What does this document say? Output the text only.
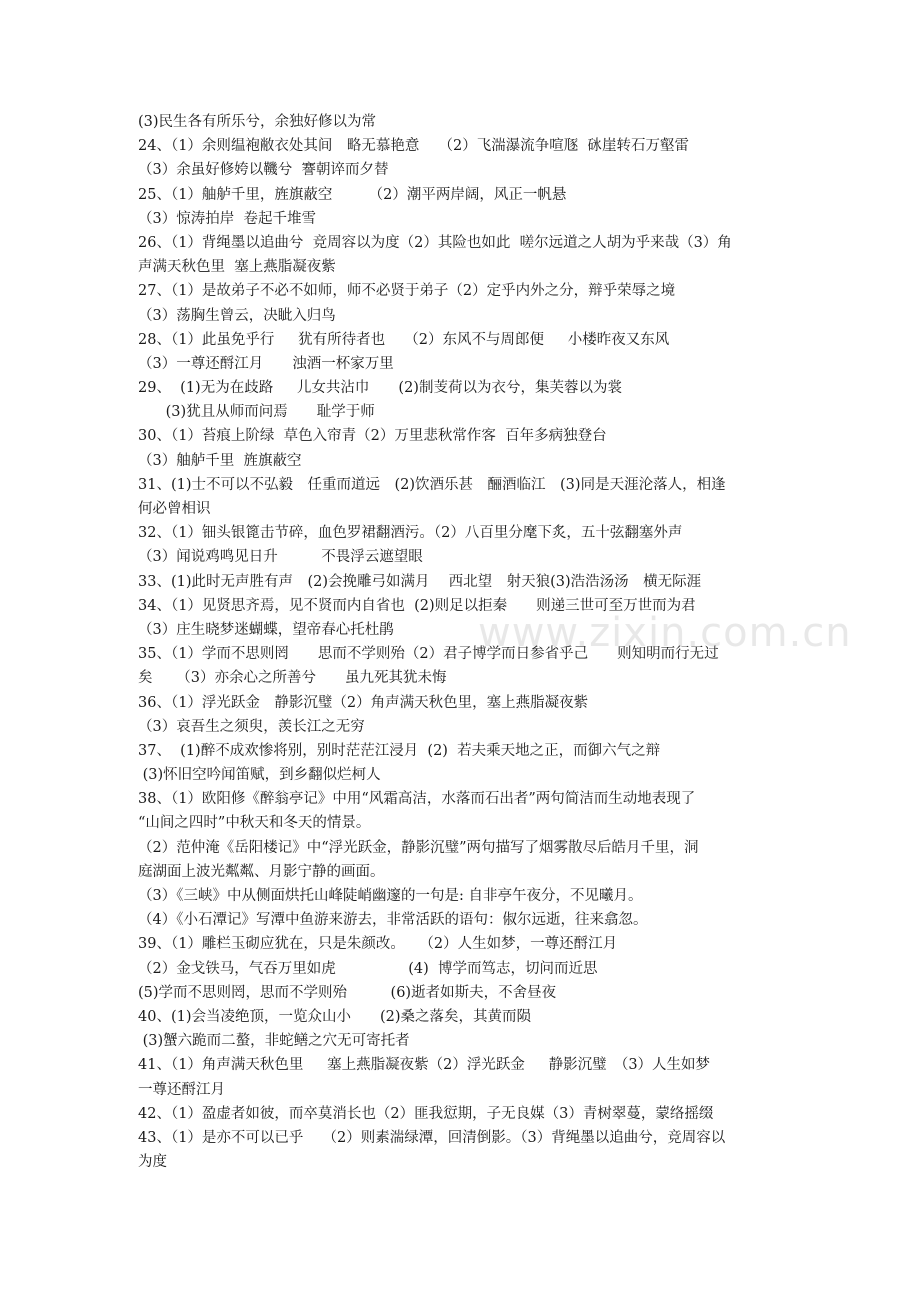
(3)民生各有所乐兮，余独好修以为常
24、（1）余则缊袍敝衣处其间　略无慕艳意　 （2）飞湍瀑流争喧豗  砯崖转石万壑雷
（3）余虽好修姱以鞿兮  謇朝谇而夕替
25、（1）舳舻千里，旌旗蔽空　　　（2）潮平两岸阔，风正一帆悬
（3）惊涛拍岸  卷起千堆雪
26、（1）背绳墨以追曲兮  竞周容以为度（2）其险也如此  嗟尔远道之人胡为乎来哉（3）角
声满天秋色里  塞上燕脂凝夜紫
27、（1）是故弟子不必不如师，师不必贤于弟子（2）定乎内外之分，辩乎荣辱之境
（3）荡胸生曾云，决眦入归鸟
28、（1）此虽免乎行　  犹有所待者也　 （2）东风不与周郎便　  小楼昨夜又东风
（3）一尊还酹江月　　浊酒一杯家万里
29、  (1)无为在歧路　  儿女共沾巾　　(2)制芰荷以为衣兮，集芙蓉以为裳
(3)犹且从师而问焉　　耻学于师
30、（1）苔痕上阶绿  草色入帘青（2）万里悲秋常作客  百年多病独登台
（3）舳舻千里  旌旗蔽空
31、(1)士不可以不弘毅　任重而道远　(2)饮酒乐甚　酾酒临江　(3)同是天涯沦落人，相逢
何必曾相识
32、（1）钿头银篦击节碎，血色罗裙翻酒污。（2）八百里分麾下炙，五十弦翻塞外声
（3）闻说鸡鸣见日升　　　不畏浮云遮望眼
33、(1)此时无声胜有声　(2)会挽雕弓如满月　 西北望　射天狼(3)浩浩汤汤　横无际涯
34、（1）见贤思齐焉，见不贤而内自省也  (2)则足以拒秦　　则递三世可至万世而为君
（3）庄生晓梦迷蝴蝶，望帝春心托杜鹃
35、（1）学而不思则罔　　思而不学则殆（2）君子博学而日参省乎己　　则知明而行无过
矣　  （3）亦余心之所善兮　　虽九死其犹未悔
36、（1）浮光跃金　静影沉璧（2）角声满天秋色里，塞上燕脂凝夜紫
（3）哀吾生之须臾，羡长江之无穷
37、  (1)醉不成欢惨将别，别时茫茫江浸月  (2)  若夫乘天地之正，而御六气之辩
(3)怀旧空吟闻笛赋，到乡翻似烂柯人
38、（1）欧阳修《醉翁亭记》中用“风霜高洁，水落而石出者”两句简洁而生动地表现了
“山间之四时”中秋天和冬天的情景。
（2）范仲淹《岳阳楼记》中“浮光跃金，静影沉璧”两句描写了烟雾散尽后皓月千里，洞
庭湖面上波光粼粼、月影宁静的画面。
（3）《三峡》中从侧面烘托山峰陡峭幽邃的一句是: 自非亭午夜分，不见曦月。
（4）《小石潭记》写潭中鱼游来游去，非常活跃的语句：俶尔远逝，往来翕忽。
39、（1）雕栏玉砌应犹在，只是朱颜改。　　（2）人生如梦，一尊还酹江月
（2）金戈铁马，气吞万里如虎　　　　　(4)  博学而笃志，切问而近思
(5)学而不思则罔，思而不学则殆　　　(6)逝者如斯夫，不舍昼夜
40、(1)会当凌绝顶，一览众山小　　(2)桑之落矣，其黄而陨
(3)蟹六跪而二螯，非蛇鳝之穴无可寄托者
41、（1）角声满天秋色里　  塞上燕脂凝夜紫（2）浮光跃金　  静影沉璧　（3）人生如梦
一尊还酹江月
42、（1）盈虚者如彼，而卒莫消长也（2）匪我愆期，子无良媒（3）青树翠蔓，蒙络摇缀
43、（1）是亦不可以已乎　 （2）则素湍绿潭，回清倒影。（3）背绳墨以追曲兮，竞周容以
为度
www.zixin.com.cn
